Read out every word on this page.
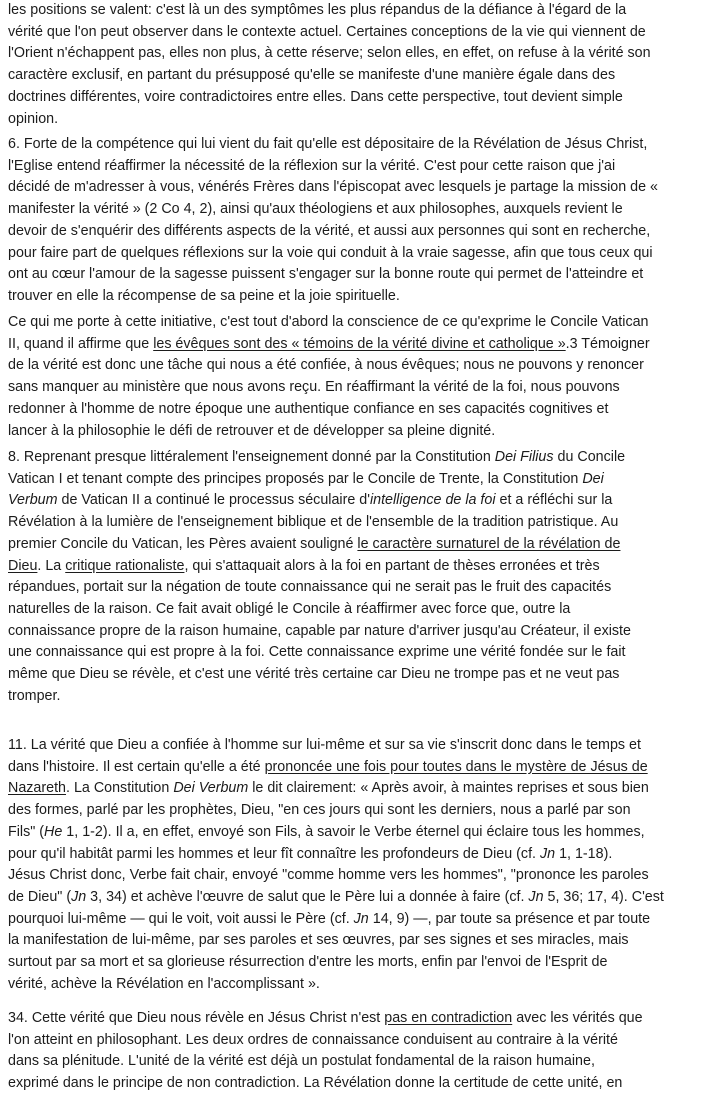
les positions se valent: c'est là un des symptômes les plus répandus de la défiance à l'égard de la
vérité que l'on peut observer dans le contexte actuel. Certaines conceptions de la vie qui viennent de
l'Orient n'échappent pas, elles non plus, à cette réserve; selon elles, en effet, on refuse à la vérité son
caractère exclusif, en partant du présupposé qu'elle se manifeste d'une manière égale dans des
doctrines différentes, voire contradictoires entre elles. Dans cette perspective, tout devient simple
opinion.
6. Forte de la compétence qui lui vient du fait qu'elle est dépositaire de la Révélation de Jésus Christ,
l'Eglise entend réaffirmer la nécessité de la réflexion sur la vérité. C'est pour cette raison que j'ai
décidé de m'adresser à vous, vénérés Frères dans l'épiscopat avec lesquels je partage la mission de «
manifester la vérité » (2 Co 4, 2), ainsi qu'aux théologiens et aux philosophes, auxquels revient le
devoir de s'enquérir des différents aspects de la vérité, et aussi aux personnes qui sont en recherche,
pour faire part de quelques réflexions sur la voie qui conduit à la vraie sagesse, afin que tous ceux qui
ont au cœur l'amour de la sagesse puissent s'engager sur la bonne route qui permet de l'atteindre et
trouver en elle la récompense de sa peine et la joie spirituelle.
Ce qui me porte à cette initiative, c'est tout d'abord la conscience de ce qu'exprime le Concile Vatican
II, quand il affirme que les évêques sont des « témoins de la vérité divine et catholique ».3 Témoigner
de la vérité est donc une tâche qui nous a été confiée, à nous évêques; nous ne pouvons y renoncer
sans manquer au ministère que nous avons reçu. En réaffirmant la vérité de la foi, nous pouvons
redonner à l'homme de notre époque une authentique confiance en ses capacités cognitives et
lancer à la philosophie le défi de retrouver et de développer sa pleine dignité.
8. Reprenant presque littéralement l'enseignement donné par la Constitution Dei Filius du Concile
Vatican I et tenant compte des principes proposés par le Concile de Trente, la Constitution Dei
Verbum de Vatican II a continué le processus séculaire d'intelligence de la foi et a réfléchi sur la
Révélation à la lumière de l'enseignement biblique et de l'ensemble de la tradition patristique. Au
premier Concile du Vatican, les Pères avaient souligné le caractère surnaturel de la révélation de
Dieu. La critique rationaliste, qui s'attaquait alors à la foi en partant de thèses erronées et très
répandues, portait sur la négation de toute connaissance qui ne serait pas le fruit des capacités
naturelles de la raison. Ce fait avait obligé le Concile à réaffirmer avec force que, outre la
connaissance propre de la raison humaine, capable par nature d'arriver jusqu'au Créateur, il existe
une connaissance qui est propre à la foi. Cette connaissance exprime une vérité fondée sur le fait
même que Dieu se révèle, et c'est une vérité très certaine car Dieu ne trompe pas et ne veut pas
tromper.
11. La vérité que Dieu a confiée à l'homme sur lui-même et sur sa vie s'inscrit donc dans le temps et
dans l'histoire. Il est certain qu'elle a été prononcée une fois pour toutes dans le mystère de Jésus de
Nazareth. La Constitution Dei Verbum le dit clairement: « Après avoir, à maintes reprises et sous bien
des formes, parlé par les prophètes, Dieu, "en ces jours qui sont les derniers, nous a parlé par son
Fils" (He 1, 1-2). Il a, en effet, envoyé son Fils, à savoir le Verbe éternel qui éclaire tous les hommes,
pour qu'il habitât parmi les hommes et leur fît connaître les profondeurs de Dieu (cf. Jn 1, 1-18).
Jésus Christ donc, Verbe fait chair, envoyé "comme homme vers les hommes", "prononce les paroles
de Dieu" (Jn 3, 34) et achève l'œuvre de salut que le Père lui a donnée à faire (cf. Jn 5, 36; 17, 4). C'est
pourquoi lui-même — qui le voit, voit aussi le Père (cf. Jn 14, 9) —, par toute sa présence et par toute
la manifestation de lui-même, par ses paroles et ses œuvres, par ses signes et ses miracles, mais
surtout par sa mort et sa glorieuse résurrection d'entre les morts, enfin par l'envoi de l'Esprit de
vérité, achève la Révélation en l'accomplissant ».
34. Cette vérité que Dieu nous révèle en Jésus Christ n'est pas en contradiction avec les vérités que
l'on atteint en philosophant. Les deux ordres de connaissance conduisent au contraire à la vérité
dans sa plénitude. L'unité de la vérité est déjà un postulat fondamental de la raison humaine,
exprimé dans le principe de non contradiction. La Révélation donne la certitude de cette unité, en
